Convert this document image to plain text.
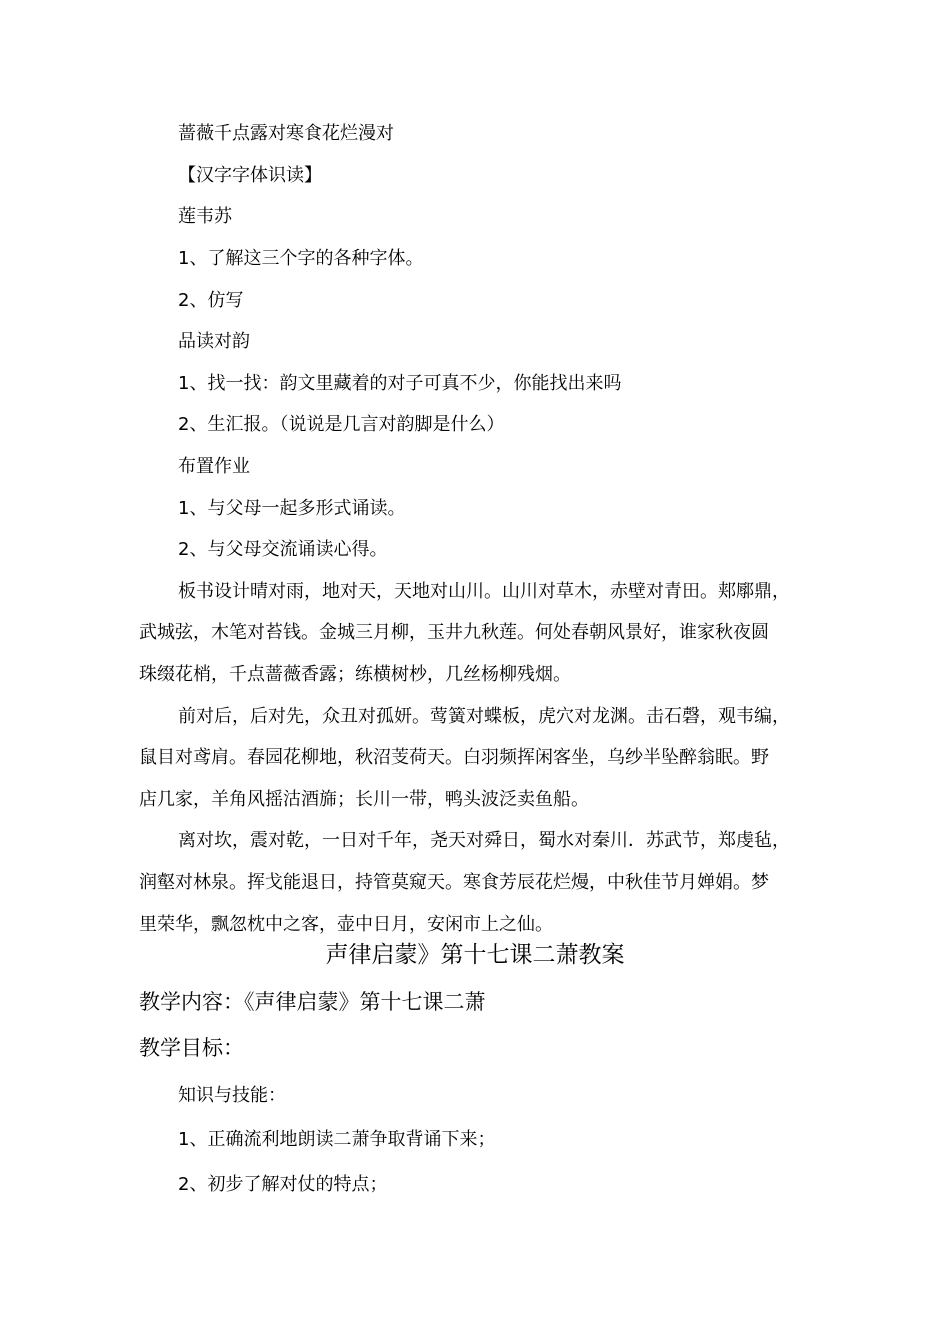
蔷薇千点露对寒食花烂漫对
【汉字字体识读】
莲韦苏
1、了解这三个字的各种字体。
2、仿写
品读对韵
1、找一找：韵文里藏着的对子可真不少，你能找出来吗
2、生汇报。（说说是几言对韵脚是什么）
布置作业
1、与父母一起多形式诵读。
2、与父母交流诵读心得。
板书设计晴对雨，地对天，天地对山川。山川对草木，赤壁对青田。郏鄏鼎，
武城弦，木笔对苔钱。金城三月柳，玉井九秋莲。何处春朝风景好，谁家秋夜圆
珠缀花梢，千点蔷薇香露；练横树杪，几丝杨柳残烟。
前对后，后对先，众丑对孤妍。莺簧对蝶板，虎穴对龙渊。击石磬，观韦编，
鼠目对鸢肩。春园花柳地，秋沼芰荷天。白羽频挥闲客坐，乌纱半坠醉翁眠。野
店几家，羊角风摇沽酒旆；长川一带，鸭头波泛卖鱼船。
离对坎，震对乾，一日对千年，尧天对舜日，蜀水对秦川．苏武节，郑虔毡，
润壑对林泉。挥戈能退日，持管莫窥天。寒食芳辰花烂熳，中秋佳节月婵娟。梦
里荣华，飘忽枕中之客，壶中日月，安闲市上之仙。
声律启蒙》第十七课二萧教案
教学内容：《声律启蒙》第十七课二萧
教学目标：
知识与技能：
1、正确流利地朗读二萧争取背诵下来；
2、初步了解对仗的特点；
